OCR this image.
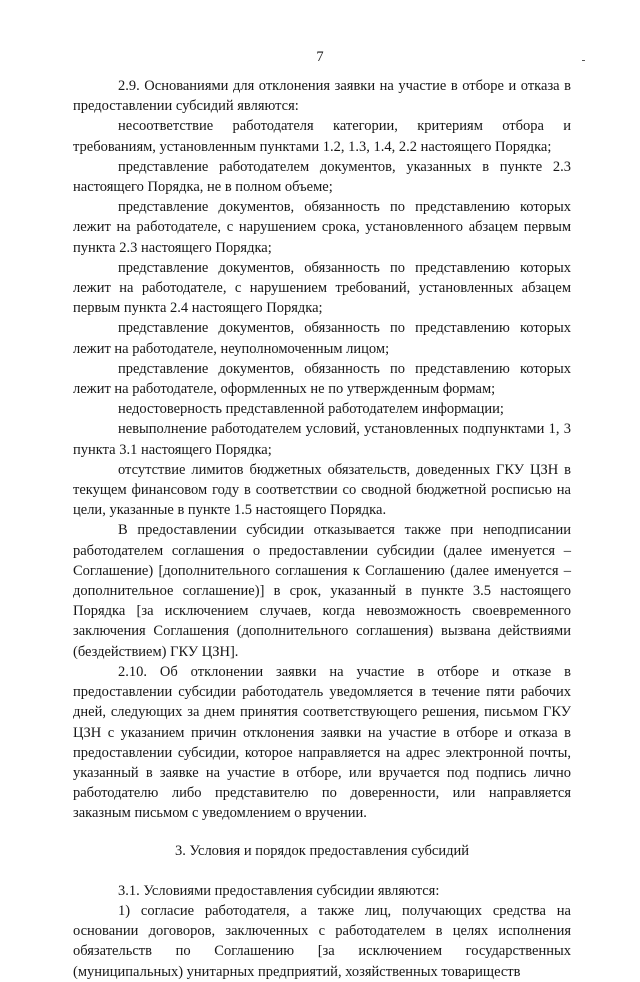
7

2.9. Основаниями для отклонения заявки на участие в отборе и отказа в предоставлении субсидий являются:

несоответствие работодателя категории, критериям отбора и требованиям, установленным пунктами 1.2, 1.3, 1.4, 2.2 настоящего Порядка;

представление работодателем документов, указанных в пункте 2.3 настоящего Порядка, не в полном объеме;

представление документов, обязанность по представлению которых лежит на работодателе, с нарушением срока, установленного абзацем первым пункта 2.3 настоящего Порядка;

представление документов, обязанность по представлению которых лежит на работодателе, с нарушением требований, установленных абзацем первым пункта 2.4 настоящего Порядка;

представление документов, обязанность по представлению которых лежит на работодателе, неуполномоченным лицом;

представление документов, обязанность по представлению которых лежит на работодателе, оформленных не по утвержденным формам;

недостоверность представленной работодателем информации;

невыполнение работодателем условий, установленных подпунктами 1, 3 пункта 3.1 настоящего Порядка;

отсутствие лимитов бюджетных обязательств, доведенных ГКУ ЦЗН в текущем финансовом году в соответствии со сводной бюджетной росписью на цели, указанные в пункте 1.5 настоящего Порядка.

В предоставлении субсидии отказывается также при неподписании работодателем соглашения о предоставлении субсидии (далее именуется – Соглашение) [дополнительного соглашения к Соглашению (далее именуется – дополнительное соглашение)] в срок, указанный в пункте 3.5 настоящего Порядка [за исключением случаев, когда невозможность своевременного заключения Соглашения (дополнительного соглашения) вызвана действиями (бездействием) ГКУ ЦЗН].

2.10. Об отклонении заявки на участие в отборе и отказе в предоставлении субсидии работодатель уведомляется в течение пяти рабочих дней, следующих за днем принятия соответствующего решения, письмом ГКУ ЦЗН с указанием причин отклонения заявки на участие в отборе и отказа в предоставлении субсидии, которое направляется на адрес электронной почты, указанный в заявке на участие в отборе, или вручается под подпись лично работодателю либо представителю по доверенности, или направляется заказным письмом с уведомлением о вручении.

3. Условия и порядок предоставления субсидий

3.1. Условиями предоставления субсидии являются:

1) согласие работодателя, а также лиц, получающих средства на основании договоров, заключенных с работодателем в целях исполнения обязательств по Соглашению [за исключением государственных (муниципальных) унитарных предприятий, хозяйственных товариществ
